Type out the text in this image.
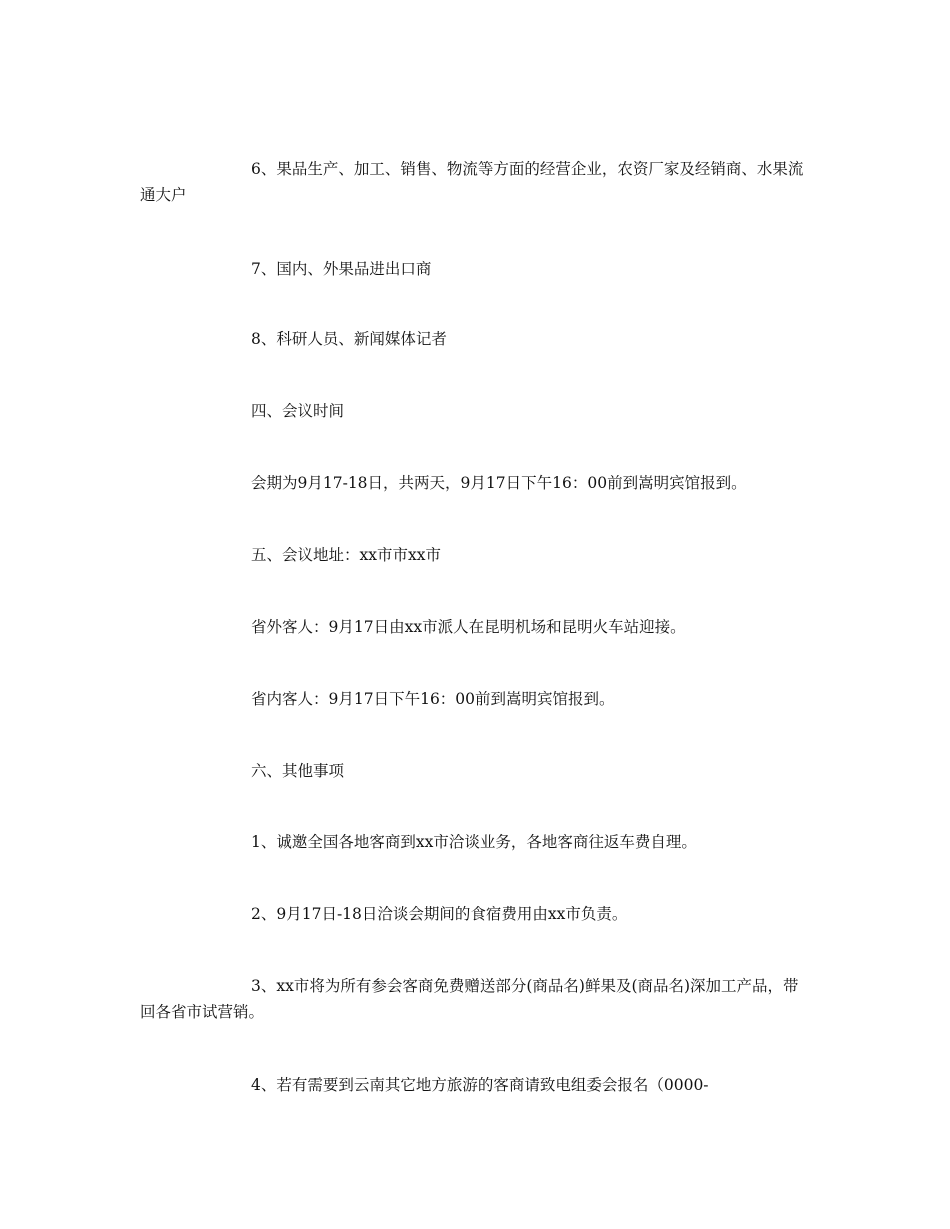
6、果品生产、加工、销售、物流等方面的经营企业，农资厂家及经销商、水果流通大户

7、国内、外果品进出口商

8、科研人员、新闻媒体记者

四、会议时间

会期为9月17-18日，共两天，9月17日下午16：00前到嵩明宾馆报到。

五、会议地址：xx市市xx市

省外客人：9月17日由xx市派人在昆明机场和昆明火车站迎接。

省内客人：9月17日下午16：00前到嵩明宾馆报到。

六、其他事项

1、诚邀全国各地客商到xx市洽谈业务，各地客商往返车费自理。

2、9月17日-18日洽谈会期间的食宿费用由xx市负责。

3、xx市将为所有参会客商免费赠送部分(商品名)鲜果及(商品名)深加工产品，带回各省市试营销。

4、若有需要到云南其它地方旅游的客商请致电组委会报名（0000-
